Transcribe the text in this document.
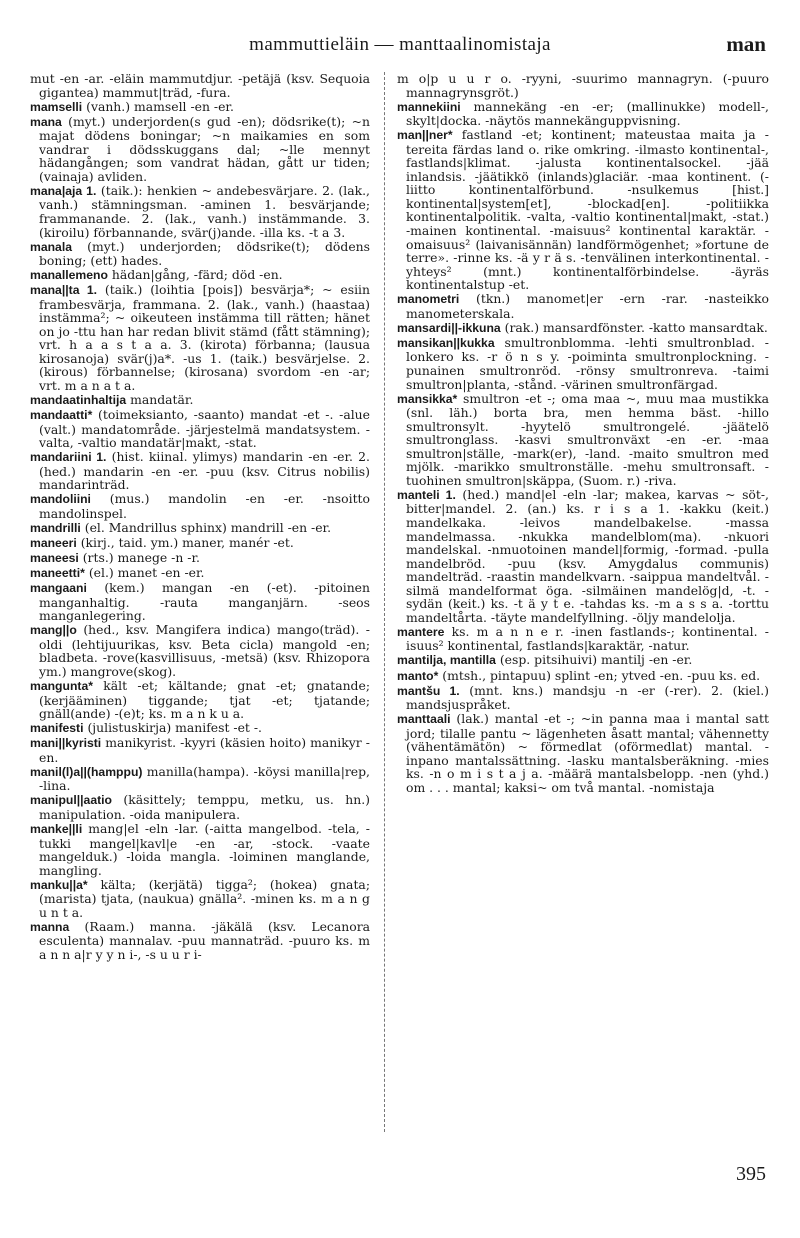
mammuttieläin — manttaalinomistaja	man

mut -en -ar. -eläin mammutdjur. -petäjä (ksv. Sequoia gigantea) mammut|träd, -fura.

mamselli (vanh.) mamsell -en -er.

mana (myt.) underjorden(s gud -en); dödsrike(t); ~n majat dödens boningar; ~n maikamies en som vandrar i dödsskuggans dal; ~lle mennyt hädangången; som vandrat hädan, gått ur tiden; (vainaja) avliden.

mana|aja 1. (taik.): henkien ~ andebesvärjare. 2. (lak., vanh.) stämningsman. -aminen 1. besvärjande; frammanande. 2. (lak., vanh.) instämmande. 3. (kiroilu) förbannande, svär(j)ande. -illa ks. -t a 3.

manala (myt.) underjorden; dödsrike(t); dödens boning; (ett) hades.

manallemeno hädan|gång, -färd; död -en.

mana||ta 1. (taik.) (loihtia [pois]) besvärja*; ~ esiin frambesvärja, frammana. 2. (lak., vanh.) (haastaa) instämma²; ~ oikeuteen instämma till rätten; hänet on jo -ttu han har redan blivit stämd (fått stämning); vrt. h a a s t a a. 3. (kirota) förbanna; (lausua kirosanoja) svär(j)a*. -us 1. (taik.) besvärjelse. 2. (kirous) förbannelse; (kirosana) svordom -en -ar; vrt. m a n a t a.

mandaatinhaltija mandatär.

mandaatti* (toimeksianto, -saanto) mandat -et -. -alue (valt.) mandatområde. -järjestelmä mandatsystem. -valta, -valtio mandatär|makt, -stat.

mandariini 1. (hist. kiinal. ylimys) mandarin -en -er. 2. (hed.) mandarin -en -er. -puu (ksv. Citrus nobilis) mandarinträd.

mandoliini (mus.) mandolin -en -er. -nsoitto mandolinspel.

mandrilli (el. Mandrillus sphinx) mandrill -en -er.

maneeri (kirj., taid. ym.) maner, manér -et.

maneesi (rts.) manege -n -r.

maneetti* (el.) manet -en -er.

mangaani (kem.) mangan -en (-et). -pitoinen manganhaltig. -rauta manganjärn. -seos manganlegering.

mang||o (hed., ksv. Mangifera indica) mango(träd). -oldi (lehtijuurikas, ksv. Beta cicla) mangold -en; bladbeta. -rove(kasvillisuus, -metsä) (ksv. Rhizopora ym.) mangrove(skog).

mangunta* kält -et; kältande; gnat -et; gnatande; (kerjääminen) tiggande; tjat -et; tjatande; gnäll(ande) -(e)t; ks. m a n k u a.

manifesti (julistuskirja) manifest -et -.

mani||kyristi manikyrist. -kyyri (käsien hoito) manikyr -en.

manil(l)a||(hamppu) manilla(hampa). -köysi manilla|rep, -lina.

manipul||aatio (käsittely; temppu, metku, us. hn.) manipulation. -oida manipulera.

manke||li mang|el -eln -lar. (-aitta mangelbod. -tela, -tukki mangel|kavl|e -en -ar, -stock. -vaate mangelduk.) -loida mangla. -loiminen manglande, mangling.

manku||a* kälta; (kerjätä) tigga²; (hokea) gnata; (marista) tjata, (naukua) gnälla². -minen ks. m a n g u n t a.

manna (Raam.) manna. -jäkälä (ksv. Lecanora esculenta) mannalav. -puu mannaträd. -puuro ks. m a n n a|r y y n i-, -s u u r i-

m o|p u u r o. -ryyni, -suurimo mannagryn. (-puuro mannagrynsgröt.)

mannekiini mannekäng -en -er; (mallinukke) modell-, skylt|docka. -näytös mannekänguppvisning.

man||ner* fastland -et; kontinent; mateustaa maita ja -tereita färdas land o. rike omkring. -ilmasto kontinental-, fastlands|klimat. -jalusta kontinentalsockel. -jää inlandsis. -jäätikkö (inlands)glaciär. -maa kontinent. (-liitto kontinentalförbund. -nsulkemus [hist.] kontinental|system[et], -blockad[en]. -politiikka kontinentalpolitik. -valta, -valtio kontinental|makt, -stat.) -mainen kontinental. -maisuus² kontinental karaktär. -omaisuus² (laivanisännän) landförmögenhet; »fortune de terre». -rinne ks. -ä y r ä s. -tenvälinen interkontinental. -yhteys² (mnt.) kontinentalförbindelse. -äyräs kontinentalstup -et.

manometri (tkn.) manomet|er -ern -rar. -nasteikko manometerskala.

mansardi||-ikkuna (rak.) mansardfönster. -katto mansardtak.

mansikan||kukka smultronblomma. -lehti smultronblad. -lonkero ks. -r ö n s y. -poiminta smultronplockning. -punainen smultronröd. -rönsy smultronreva. -taimi smultron|planta, -stånd. -värinen smultronfärgad.

mansikka* smultron -et -; oma maa ~, muu maa mustikka (snl. läh.) borta bra, men hemma bäst. -hillo smultronsylt. -hyytelö smultrongelé. -jäätelö smultronglass. -kasvi smultronväxt -en -er. -maa smultron|ställe, -mark(er), -land. -maito smultron med mjölk. -marikko smultronställe. -mehu smultronsaft. -tuohinen smultron|skäppa, (Suom. r.) -riva.

manteli 1. (hed.) mand|el -eln -lar; makea, karvas ~ söt-, bitter|mandel. 2. (an.) ks. r i s a 1. -kakku (keit.) mandelkaka. -leivos mandelbakelse. -massa mandelmassa. -nkukka mandelblom(ma). -nkuori mandelskal. -nmuotoinen mandel|formig, -formad. -pulla mandelbröd. -puu (ksv. Amygdalus communis) mandelträd. -raastin mandelkvarn. -saippua mandeltvål. -silmä mandelformat öga. -silmäinen mandelög|d, -t. -sydän (keit.) ks. -t ä y t e. -tahdas ks. -m a s s a. -torttu mandeltårta. -täyte mandelfyllning. -öljy mandelolja.

mantere ks. m a n n e r. -inen fastlands-; kontinental. -isuus² kontinental, fastlands|karaktär, -natur.

mantilja, mantilla (esp. pitsihuivi) mantilj -en -er.

manto* (mtsh., pintapuu) splint -en; ytved -en. -puu ks. ed.

mantšu 1. (mnt. kns.) mandsju -n -er (-rer). 2. (kiel.) mandsjuspråket.

manttaali (lak.) mantal -et -; ~in panna maa i mantal satt jord; tilalle pantu ~ lägenheten åsatt mantal; vähennetty (vähentämätön) ~ förmedlat (oförmedlat) mantal. -inpano mantalssättning. -lasku mantalsberäkning. -mies ks. -n o m i s t a j a. -määrä mantalsbelopp. -nen (yhd.) om . . . mantal; kaksi~ om två mantal. -nomistaja

395
